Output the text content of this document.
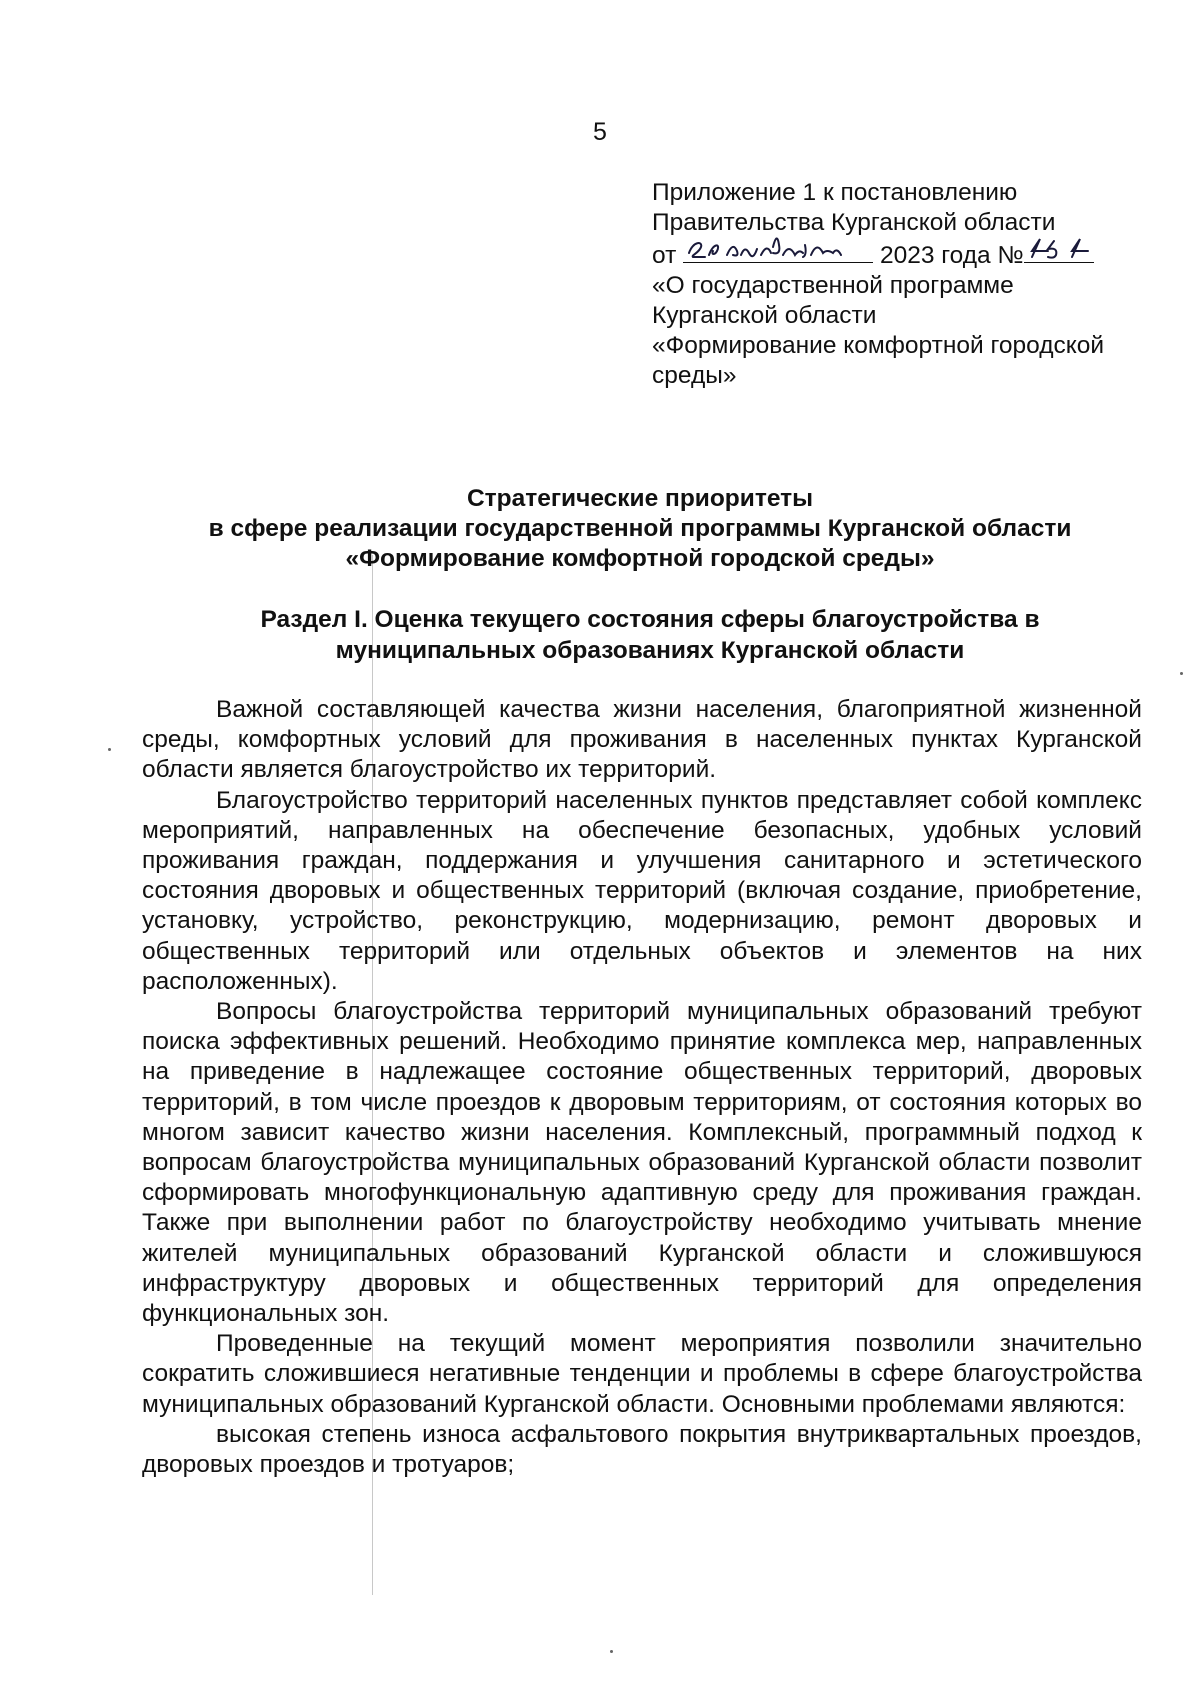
5
Приложение 1 к постановлению
Правительства Курганской области
от	2023 года №
«О государственной программе
Курганской области
«Формирование комфортной городской
среды»
Стратегические приоритеты
в сфере реализации государственной программы Курганской области
«Формирование комфортной городской среды»
Раздел I. Оценка текущего состояния сферы благоустройства в
муниципальных образованиях Курганской области

Важной составляющей качества жизни населения, благоприятной жизненной среды, комфортных условий для проживания в населенных пунктах Курганской области является благоустройство их территорий.

Благоустройство территорий населенных пунктов представляет собой комплекс мероприятий, направленных на обеспечение безопасных, удобных условий проживания граждан, поддержания и улучшения санитарного и эстетического состояния дворовых и общественных территорий (включая создание, приобретение, установку, устройство, реконструкцию, модернизацию, ремонт дворовых и общественных территорий или отдельных объектов и элементов на них расположенных).

Вопросы благоустройства территорий муниципальных образований требуют поиска эффективных решений. Необходимо принятие комплекса мер, направленных на приведение в надлежащее состояние общественных территорий, дворовых территорий, в том числе проездов к дворовым территориям, от состояния которых во многом зависит качество жизни населения. Комплексный, программный подход к вопросам благоустройства муниципальных образований Курганской области позволит сформировать многофункциональную адаптивную среду для проживания граждан. Также при выполнении работ по благоустройству необходимо учитывать мнение жителей муниципальных образований Курганской области и сложившуюся инфраструктуру дворовых и общественных территорий для определения функциональных зон.

Проведенные на текущий момент мероприятия позволили значительно сократить сложившиеся негативные тенденции и проблемы в сфере благоустройства муниципальных образований Курганской области. Основными проблемами являются:

высокая степень износа асфальтового покрытия внутриквартальных проездов, дворовых проездов и тротуаров;
